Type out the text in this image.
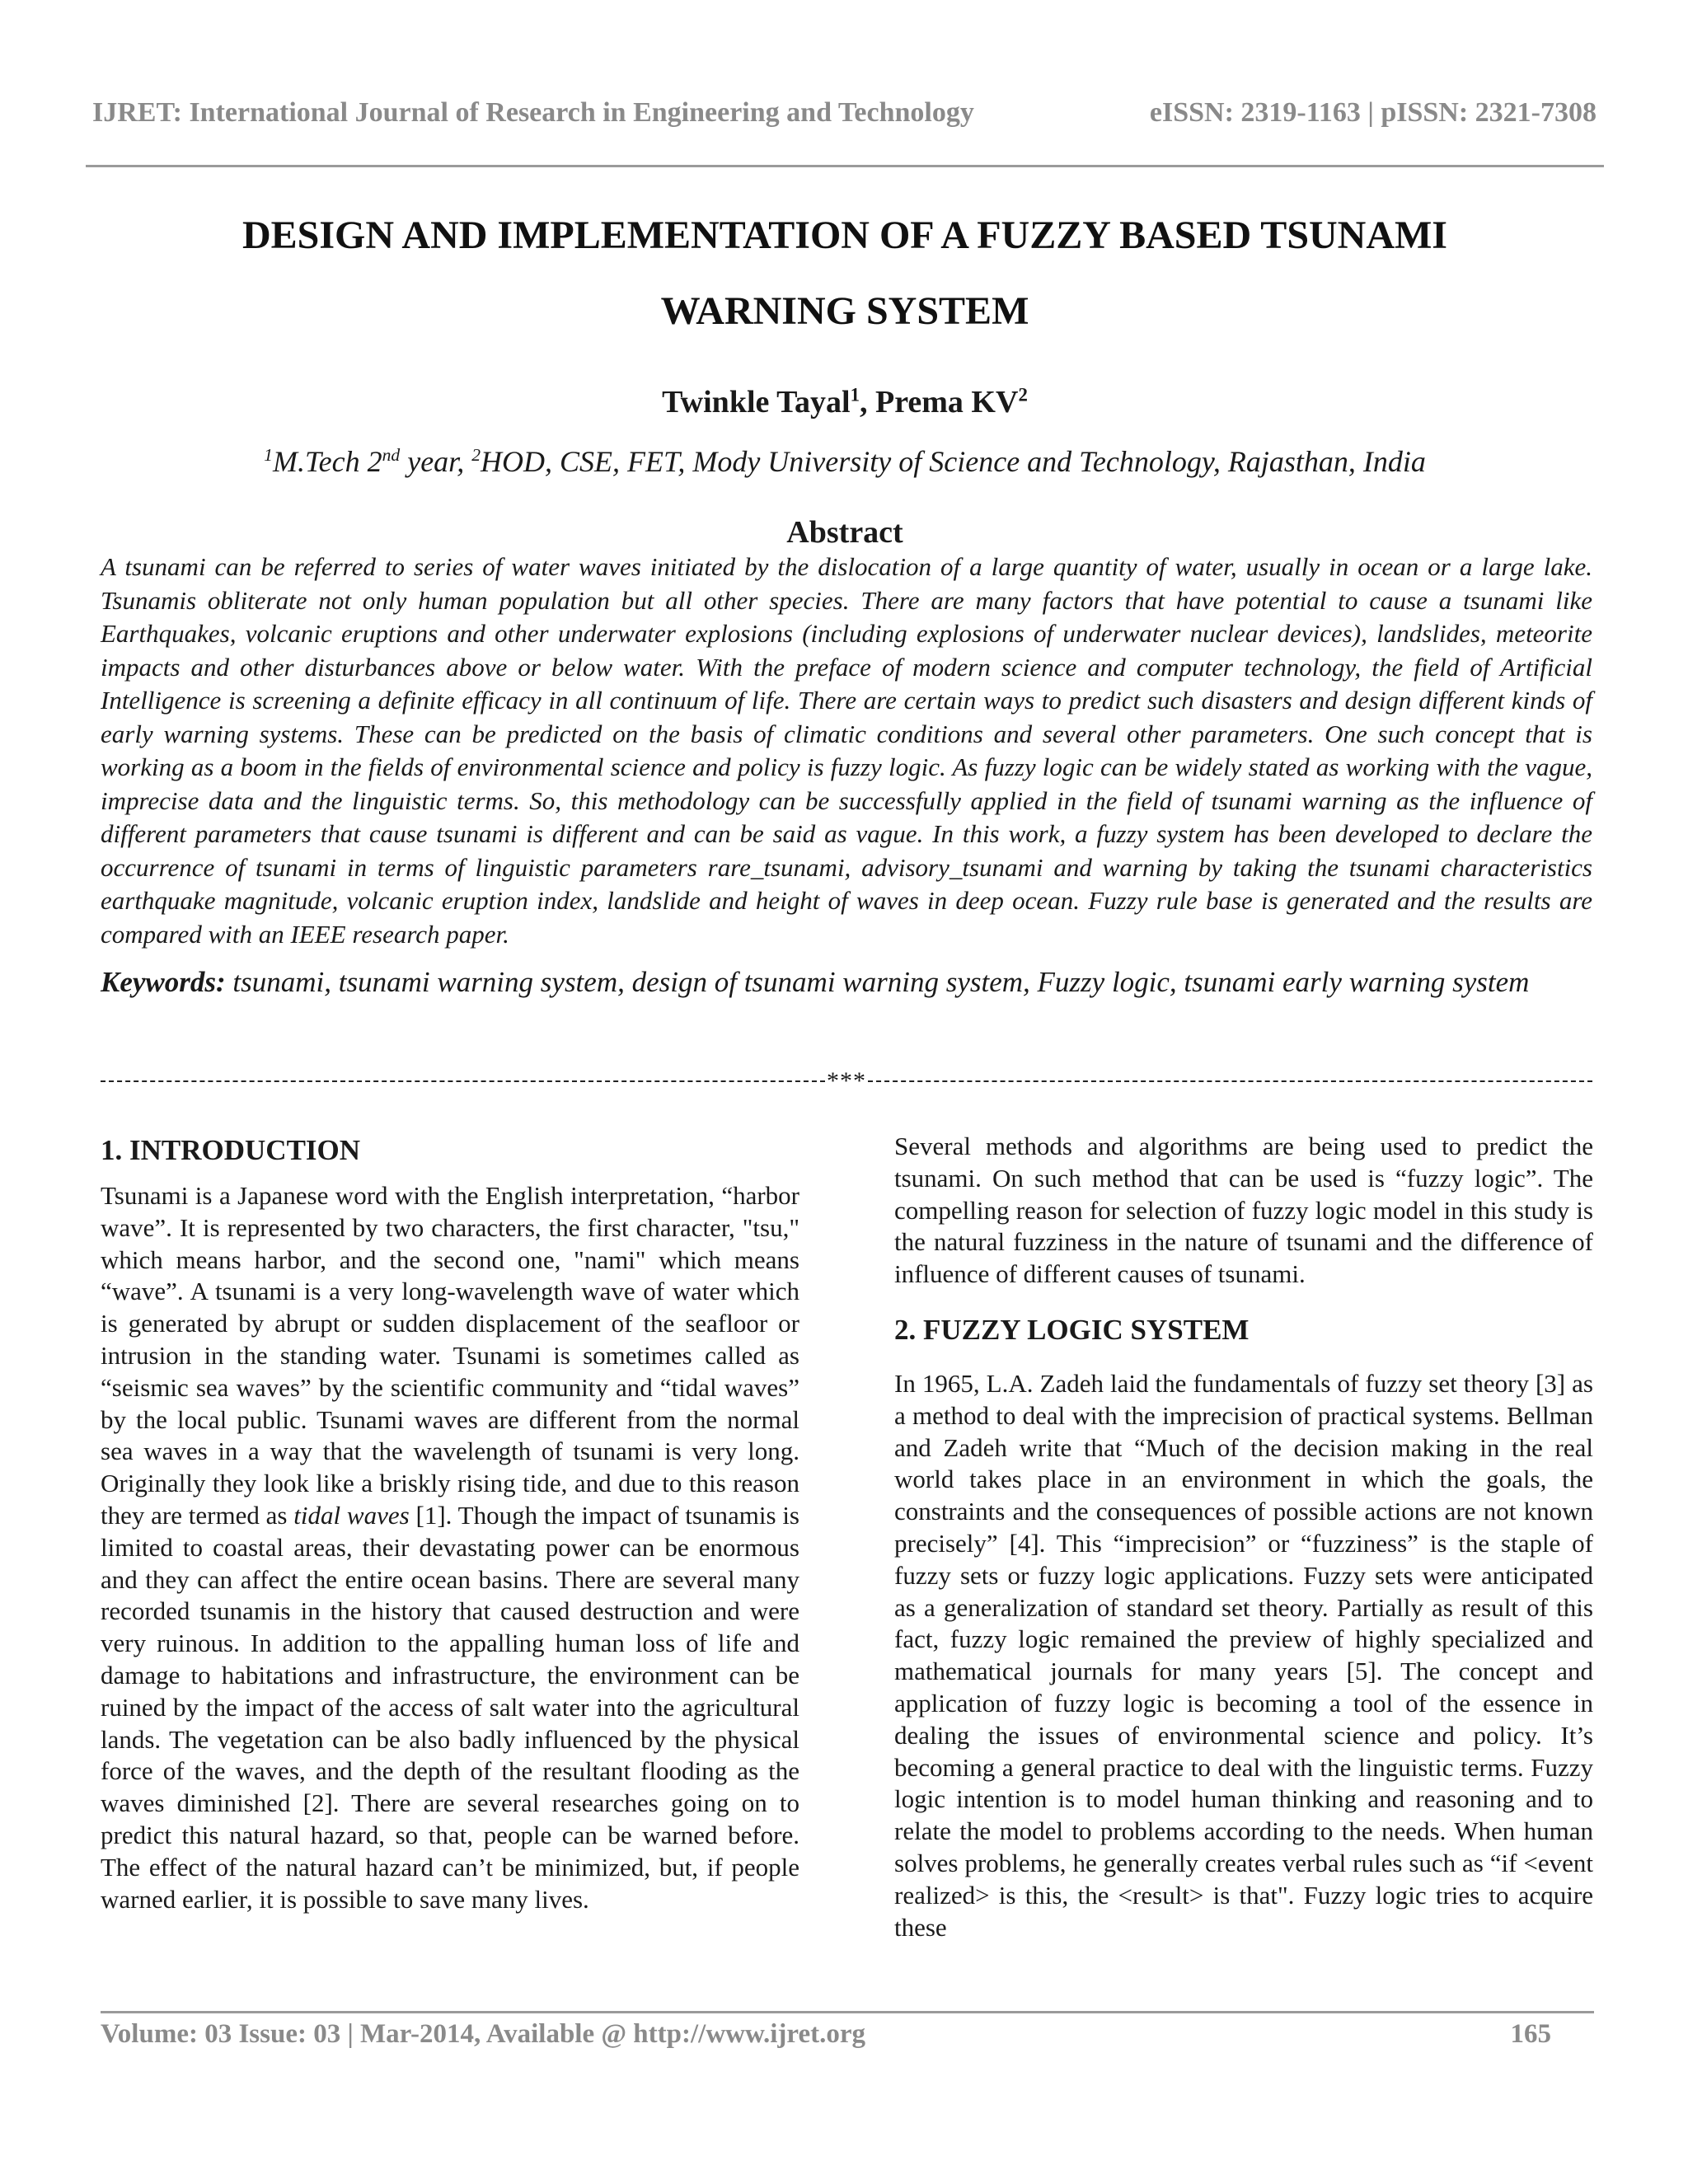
IJRET: International Journal of Research in Engineering and Technology	eISSN: 2319-1163 | pISSN: 2321-7308
DESIGN AND IMPLEMENTATION OF A FUZZY BASED TSUNAMI
WARNING SYSTEM
Twinkle Tayal$^1$, Prema $KV^2$
$^1$M.Tech 2nd year, $^2$HOD, CSE, FET, Mody University of Science and Technology, Rajasthan, India
Abstract
A tsunami can be referred to series of water waves initiated by the dislocation of a large quantity of water, usually in ocean or a large lake. Tsunamis obliterate not only human population but all other species. There are many factors that have potential to cause a tsunami like Earthquakes, volcanic eruptions and other underwater explosions (including explosions of underwater nuclear devices), landslides, meteorite impacts and other disturbances above or below water. With the preface of modern science and computer technology, the field of Artificial Intelligence is screening a definite efficacy in all continuum of life. There are certain ways to predict such disasters and design different kinds of early warning systems. These can be predicted on the basis of climatic conditions and several other parameters. One such concept that is working as a boom in the fields of environmental science and policy is fuzzy logic. As fuzzy logic can be widely stated as working with the vague, imprecise data and the linguistic terms. So, this methodology can be successfully applied in the field of tsunami warning as the influence of different parameters that cause tsunami is different and can be said as vague. In this work, a fuzzy system has been developed to declare the occurrence of tsunami in terms of linguistic parameters rare_tsunami, advisory_tsunami and warning by taking the tsunami characteristics earthquake magnitude, volcanic eruption index, landslide and height of waves in deep ocean. Fuzzy rule base is generated and the results are compared with an IEEE research paper.
Keywords: tsunami, tsunami warning system, design of tsunami warning system, Fuzzy logic, tsunami early warning system
***
1. INTRODUCTION

Tsunami is a Japanese word with the English interpretation, “harbor wave”. It is represented by two characters, the first character, "tsu," which means harbor, and the second one, "nami" which means “wave”. A tsunami is a very long-wavelength wave of water which is generated by abrupt or sudden displacement of the seafloor or intrusion in the standing water. Tsunami is sometimes called as “seismic sea waves” by the scientific community and “tidal waves” by the local public. Tsunami waves are different from the normal sea waves in a way that the wavelength of tsunami is very long. Originally they look like a briskly rising tide, and due to this reason they are termed as tidal waves [1]. Though the impact of tsunamis is limited to coastal areas, their devastating power can be enormous and they can affect the entire ocean basins. There are several many recorded tsunamis in the history that caused destruction and were very ruinous. In addition to the appalling human loss of life and damage to habitations and infrastructure, the environment can be ruined by the impact of the access of salt water into the agricultural lands. The vegetation can be also badly influenced by the physical force of the waves, and the depth of the resultant flooding as the waves diminished [2]. There are several researches going on to predict this natural hazard, so that, people can be warned before. The effect of the natural hazard can’t be minimized, but, if people warned earlier, it is possible to save many lives.

Several methods and algorithms are being used to predict the tsunami. On such method that can be used is “fuzzy logic”. The compelling reason for selection of fuzzy logic model in this study is the natural fuzziness in the nature of tsunami and the difference of influence of different causes of tsunami.

2. FUZZY LOGIC SYSTEM

In 1965, L.A. Zadeh laid the fundamentals of fuzzy set theory [3] as a method to deal with the imprecision of practical systems. Bellman and Zadeh write that “Much of the decision making in the real world takes place in an environment in which the goals, the constraints and the consequences of possible actions are not known precisely” [4]. This “imprecision” or “fuzziness” is the staple of fuzzy sets or fuzzy logic applications. Fuzzy sets were anticipated as a generalization of standard set theory. Partially as result of this fact, fuzzy logic remained the preview of highly specialized and mathematical journals for many years [5]. The concept and application of fuzzy logic is becoming a tool of the essence in dealing the issues of environmental science and policy. It’s becoming a general practice to deal with the linguistic terms. Fuzzy logic intention is to model human thinking and reasoning and to relate the model to problems according to the needs. When human solves problems, he generally creates verbal rules such as “if <event realized> is this, the <result> is that". Fuzzy logic tries to acquire these

Volume: 03 Issue: 03 | Mar-2014, Available @ http://www.ijret.org	165
